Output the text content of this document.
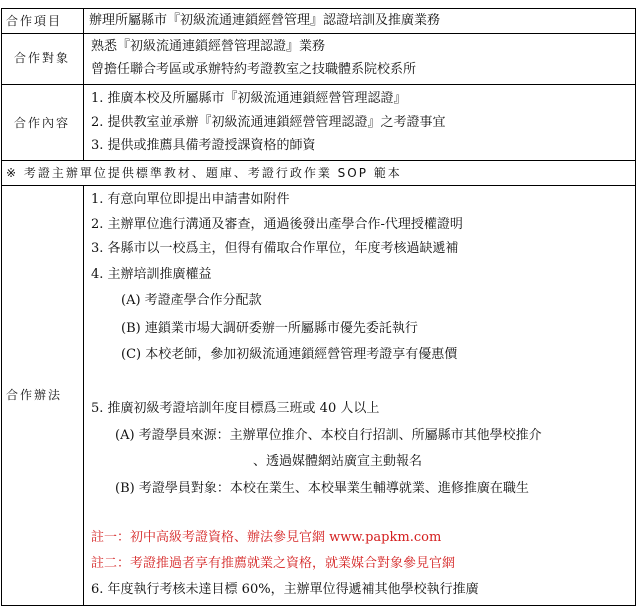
合作項目 辦理所屬縣市『初級流通連鎖經營管理』認證培訓及推廣業務
合作對象
熟悉『初級流通連鎖經營管理認證』業務
曾擔任聯合考區或承辦特約考證教室之技職體系院校系所
合作內容
1. 推廣本校及所屬縣市『初級流通連鎖經營管理認證』
2. 提供教室並承辦『初級流通連鎖經營管理認證』之考證事宜
3. 提供或推薦具備考證授課資格的師資
※ 考證主辦單位提供標準教材、題庫、考證行政作業 SOP 範本
合作辦法
1. 有意向單位即提出申請書如附件
2. 主辦單位進行溝通及審查，通過後發出產學合作-代理授權證明
3. 各縣市以一校爲主，但得有備取合作單位，年度考核過缺遞補
4. 主辦培訓推廣權益
(A) 考證產學合作分配款
(B) 連鎖業市場大調研委辦一所屬縣市優先委託執行
(C) 本校老師，參加初級流通連鎖經營管理考證享有優惠價
5. 推廣初級考證培訓年度目標爲三班或 40 人以上
(A) 考證學員來源：主辦單位推介、本校自行招訓、所屬縣市其他學校推介
、透過媒體網站廣宣主動報名
(B) 考證學員對象：本校在業生、本校畢業生輔導就業、進修推廣在職生
註一：初中高級考證資格、辦法參見官網 www.papkm.com
註二：考證推過者享有推薦就業之資格，就業媒合對象參見官網
6. 年度執行考核未達目標 60%，主辦單位得遞補其他學校執行推廣
